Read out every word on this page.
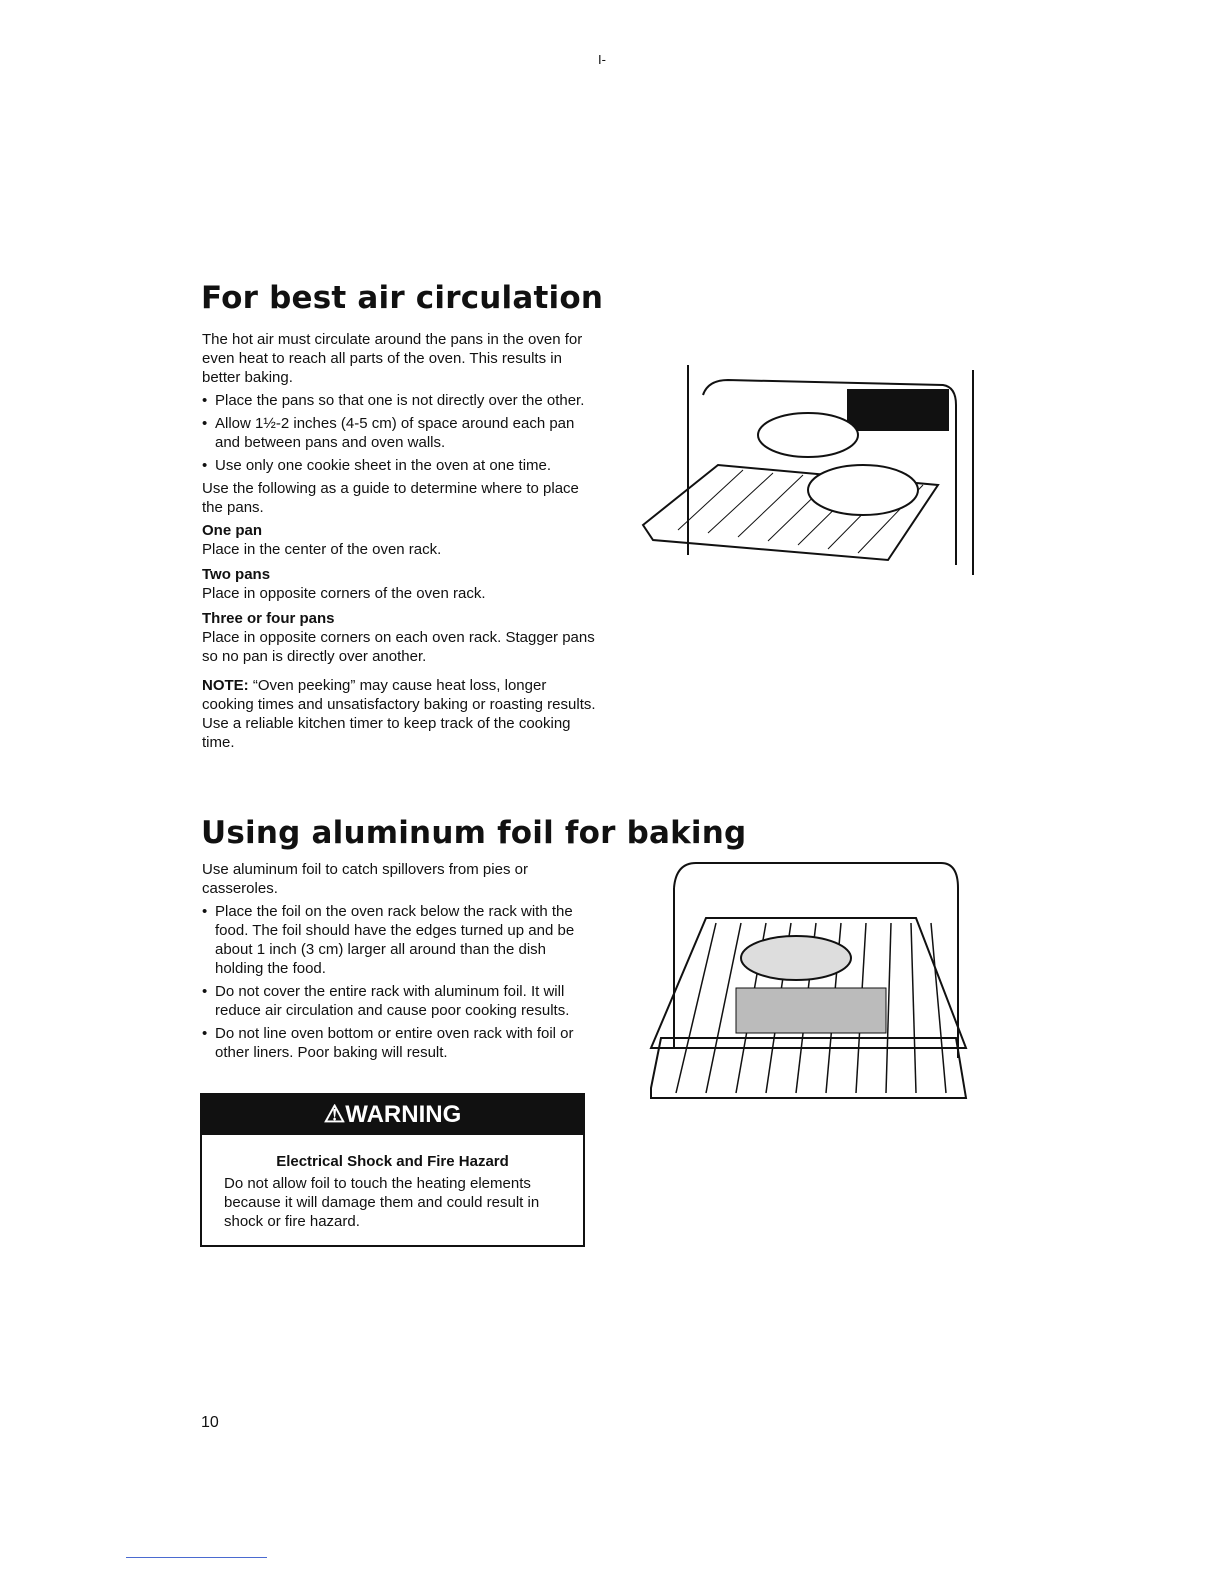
I-
For best air circulation

The hot air must circulate around the pans in the oven for even heat to reach all parts of the oven. This results in better baking.

• Place the pans so that one is not directly over the other.

• Allow 1½-2 inches (4-5 cm) of space around each pan and between pans and oven walls.

• Use only one cookie sheet in the oven at one time.

Use the following as a guide to determine where to place the pans.

One pan

Place in the center of the oven rack.

Two pans

Place in opposite corners of the oven rack.

Three or four pans

Place in opposite corners on each oven rack. Stagger pans so no pan is directly over another.

NOTE: “Oven peeking” may cause heat loss, longer cooking times and unsatisfactory baking or roasting results. Use a reliable kitchen timer to keep track of the cooking time.

Using aluminum foil for baking

Use aluminum foil to catch spillovers from pies or casseroles.

• Place the foil on the oven rack below the rack with the food. The foil should have the edges turned up and be about 1 inch (3 cm) larger all around than the dish holding the food.

• Do not cover the entire rack with aluminum foil. It will reduce air circulation and cause poor cooking results.

• Do not line oven bottom or entire oven rack with foil or other liners. Poor baking will result.

⚠WARNING
Electrical Shock and Fire Hazard
Do not allow foil to touch the heating elements because it will damage them and could result in shock or fire hazard.
10
